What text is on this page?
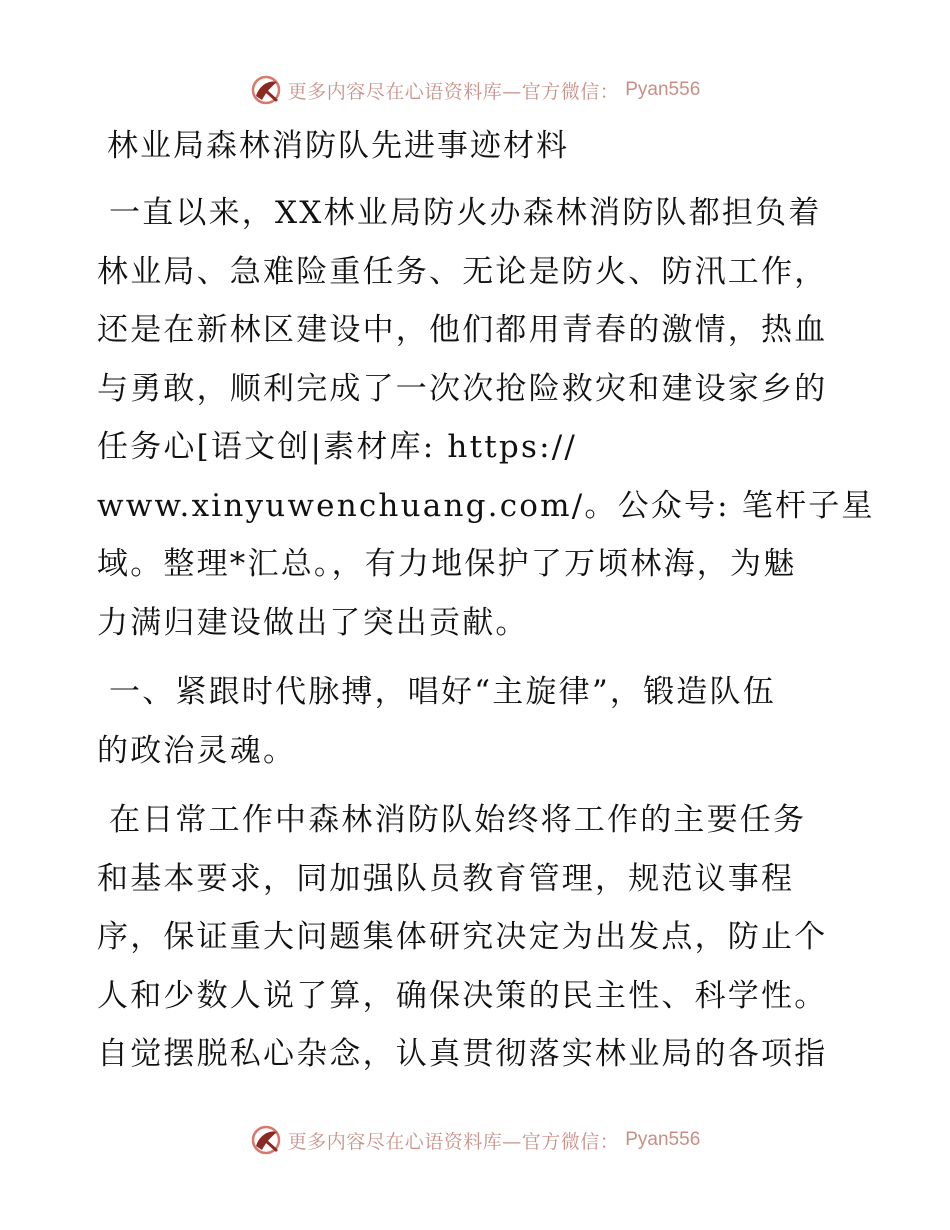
更多内容尽在心语资料库—官方微信： Pyan556
林业局森林消防队先进事迹材料
一直以来，XX林业局防火办森林消防队都担负着
林业局、急难险重任务、无论是防火、防汛工作，
还是在新林区建设中，他们都用青春的激情，热血
与勇敢，顺利完成了一次次抢险救灾和建设家乡的
任务心[语文创|素材库: https://
www.xinyuwenchuang.com/。公众号: 笔杆子星
域。整理*汇总。，有力地保护了万顷林海，为魅
力满归建设做出了突出贡献。
一、紧跟时代脉搏，唱好“主旋律”，锻造队伍
的政治灵魂。
在日常工作中森林消防队始终将工作的主要任务
和基本要求，同加强队员教育管理，规范议事程
序，保证重大问题集体研究决定为出发点，防止个
人和少数人说了算，确保决策的民主性、科学性。
自觉摆脱私心杂念，认真贯彻落实林业局的各项指
更多内容尽在心语资料库—官方微信： Pyan556
